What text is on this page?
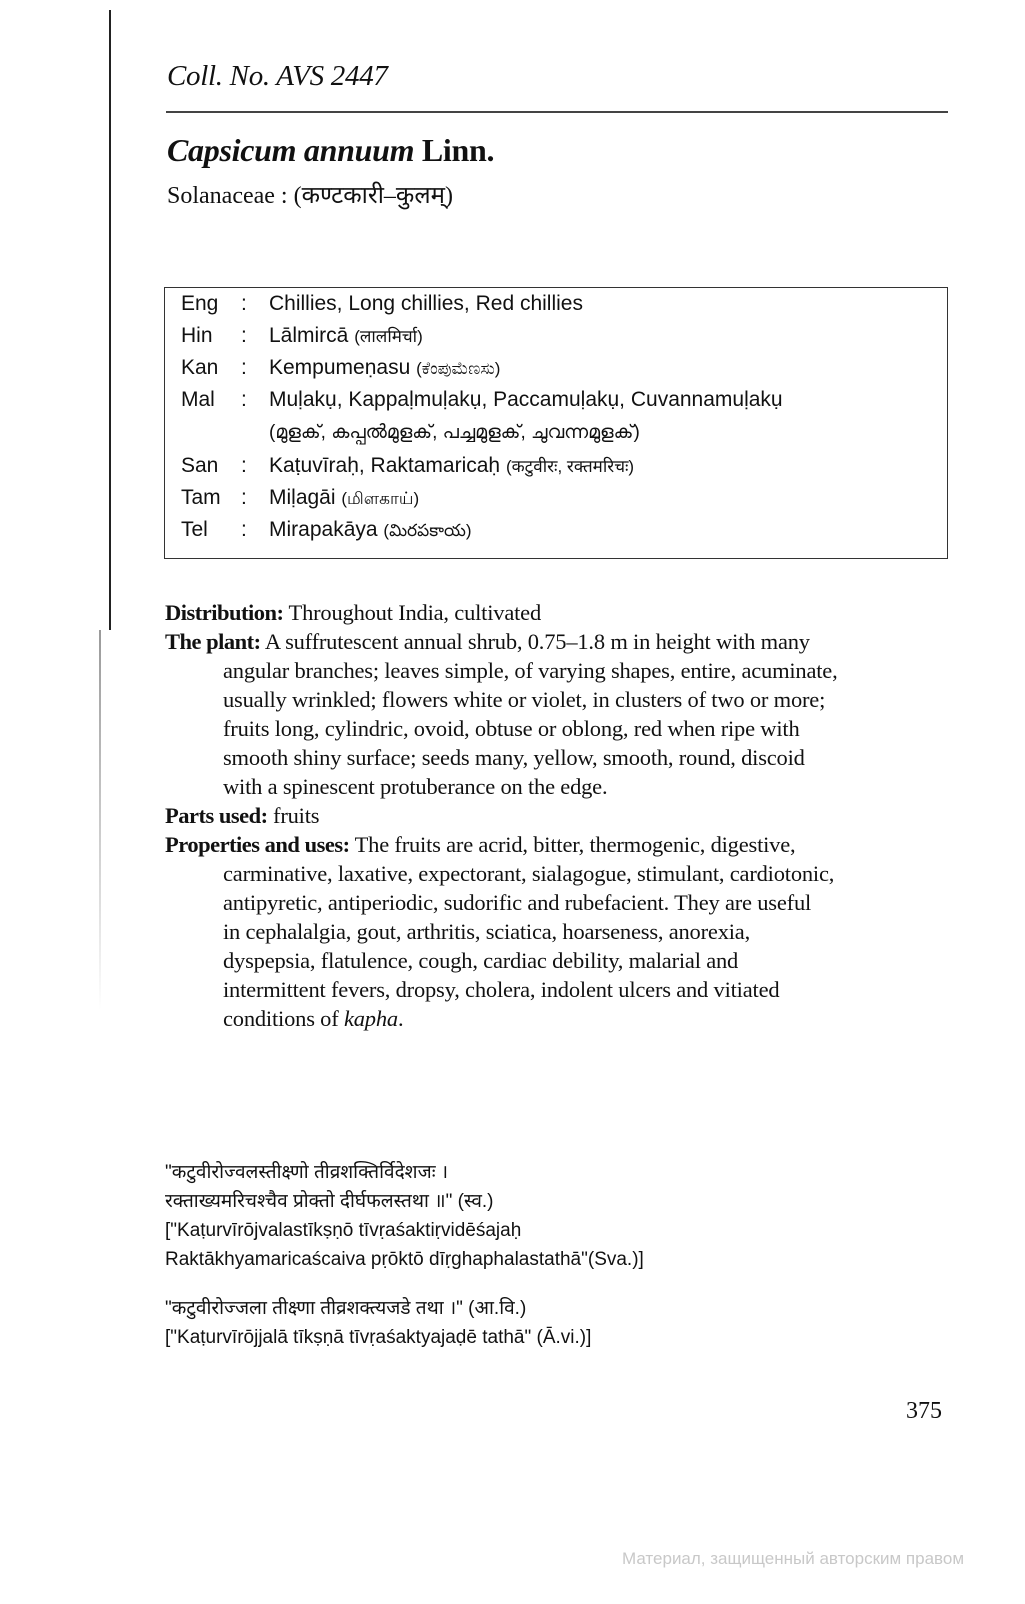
Coll. No. AVS 2447
Capsicum annuum Linn.
Solanaceae : (कण्टकारी–कुलम्)
Eng : Chillies, Long chillies, Red chillies
Hin : Lālmircā (लालमिर्चा)
Kan : Kempumeṇasu (ಕೆಂಪುಮೆಣಸು)
Mal : Muḷakụ, Kappaḷmuḷakụ, Paccamuḷakụ, Cuvannamuḷakụ
(മുളക്, കപ്പൽമുളക്, പച്ചമുളക്, ചുവന്നമുളക്)
San : Kaṭuvīraḥ, Raktamaricaḥ (कटुवीरः, रक्तमरिचः)
Tam : Miḷagāi (மிளகாய்)
Tel : Mirapakāya (మిరపకాయ)
Distribution: Throughout India, cultivated
The plant: A suffrutescent annual shrub, 0.75–1.8 m in height with many
angular branches; leaves simple, of varying shapes, entire, acuminate,
usually wrinkled; flowers white or violet, in clusters of two or more;
fruits long, cylindric, ovoid, obtuse or oblong, red when ripe with
smooth shiny surface; seeds many, yellow, smooth, round, discoid
with a spinescent protuberance on the edge.
Parts used: fruits
Properties and uses: The fruits are acrid, bitter, thermogenic, digestive,
carminative, laxative, expectorant, sialagogue, stimulant, cardiotonic,
antipyretic, antiperiodic, sudorific and rubefacient. They are useful
in cephalalgia, gout, arthritis, sciatica, hoarseness, anorexia,
dyspepsia, flatulence, cough, cardiac debility, malarial and
intermittent fevers, dropsy, cholera, indolent ulcers and vitiated
conditions of kapha.
"कटुवीरोज्वलस्तीक्ष्णो तीव्रशक्तिर्विदेशजः ।
रक्ताख्यमरिचश्चैव प्रोक्तो दीर्घफलस्तथा ॥" (स्व.)
["Kaṭurvīrōjvalastīkṣṇō tīvṛaśaktiṛvidēśajaḥ
Raktākhyamaricaścaiva pṛōktō dīṛghaphalastathā"(Sva.)]
"कटुवीरोज्जला तीक्ष्णा तीव्रशक्त्यजडे तथा ।" (आ.वि.)
["Kaṭurvīrōjjalā tīkṣṇā tīvṛaśaktyajaḍē tathā" (Ā.vi.)]
375
Материал, защищенный авторским правом
